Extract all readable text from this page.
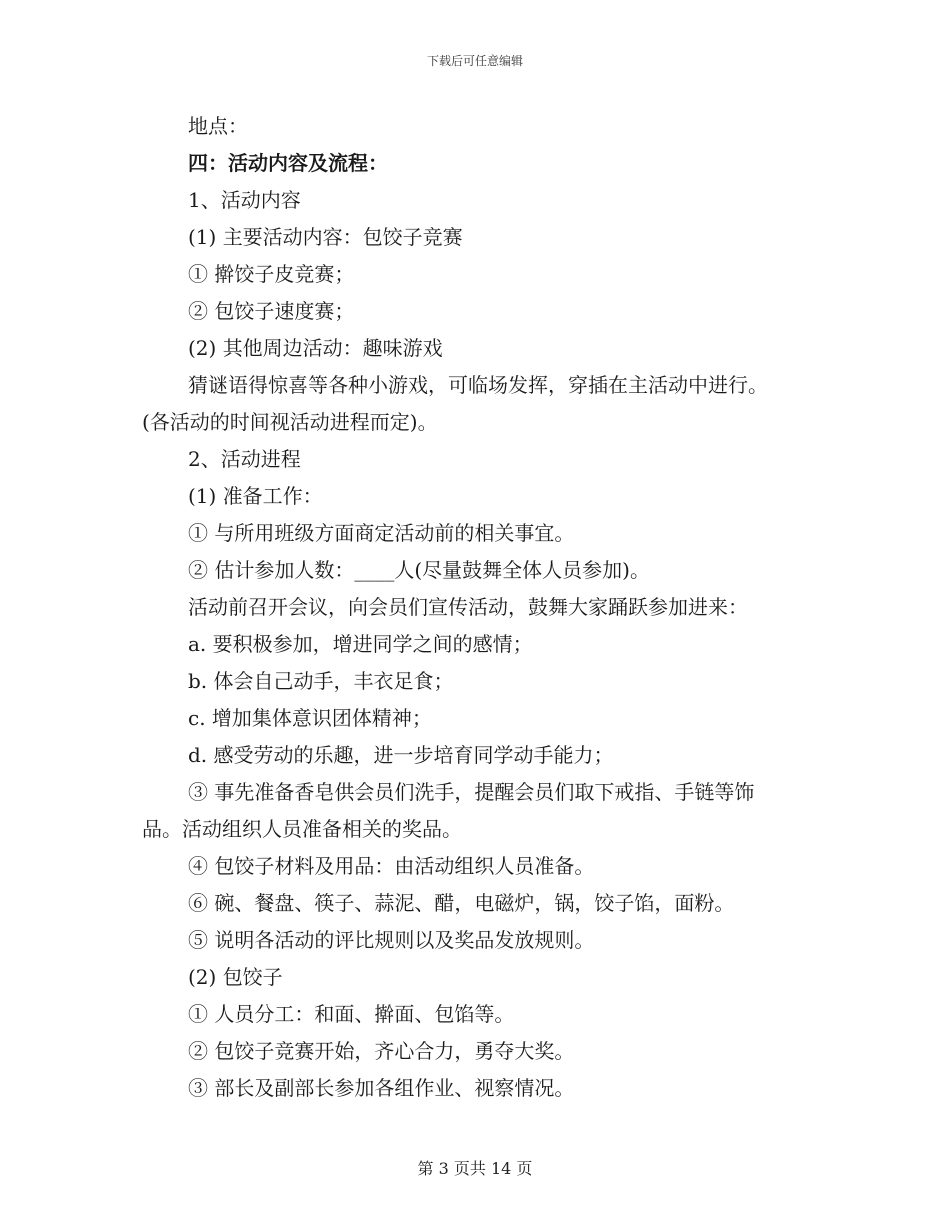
下载后可任意编辑
地点：
四：活动内容及流程：
1、活动内容
(1) 主要活动内容：包饺子竞赛
① 擀饺子皮竞赛；
② 包饺子速度赛；
(2) 其他周边活动：趣味游戏
猜谜语得惊喜等各种小游戏，可临场发挥，穿插在主活动中进行。
(各活动的时间视活动进程而定)。
2、活动进程
(1) 准备工作：
① 与所用班级方面商定活动前的相关事宜。
② 估计参加人数：____人(尽量鼓舞全体人员参加)。
活动前召开会议，向会员们宣传活动，鼓舞大家踊跃参加进来：
a. 要积极参加，增进同学之间的感情；
b. 体会自己动手，丰衣足食；
c. 增加集体意识团体精神；
d. 感受劳动的乐趣，进一步培育同学动手能力；
③ 事先准备香皂供会员们洗手，提醒会员们取下戒指、手链等饰
品。活动组织人员准备相关的奖品。
④ 包饺子材料及用品：由活动组织人员准备。
⑥ 碗、餐盘、筷子、蒜泥、醋，电磁炉，锅，饺子馅，面粉。
⑤ 说明各活动的评比规则以及奖品发放规则。
(2) 包饺子
① 人员分工：和面、擀面、包馅等。
② 包饺子竞赛开始，齐心合力，勇夺大奖。
③ 部长及副部长参加各组作业、视察情况。
第 3 页共 14 页
